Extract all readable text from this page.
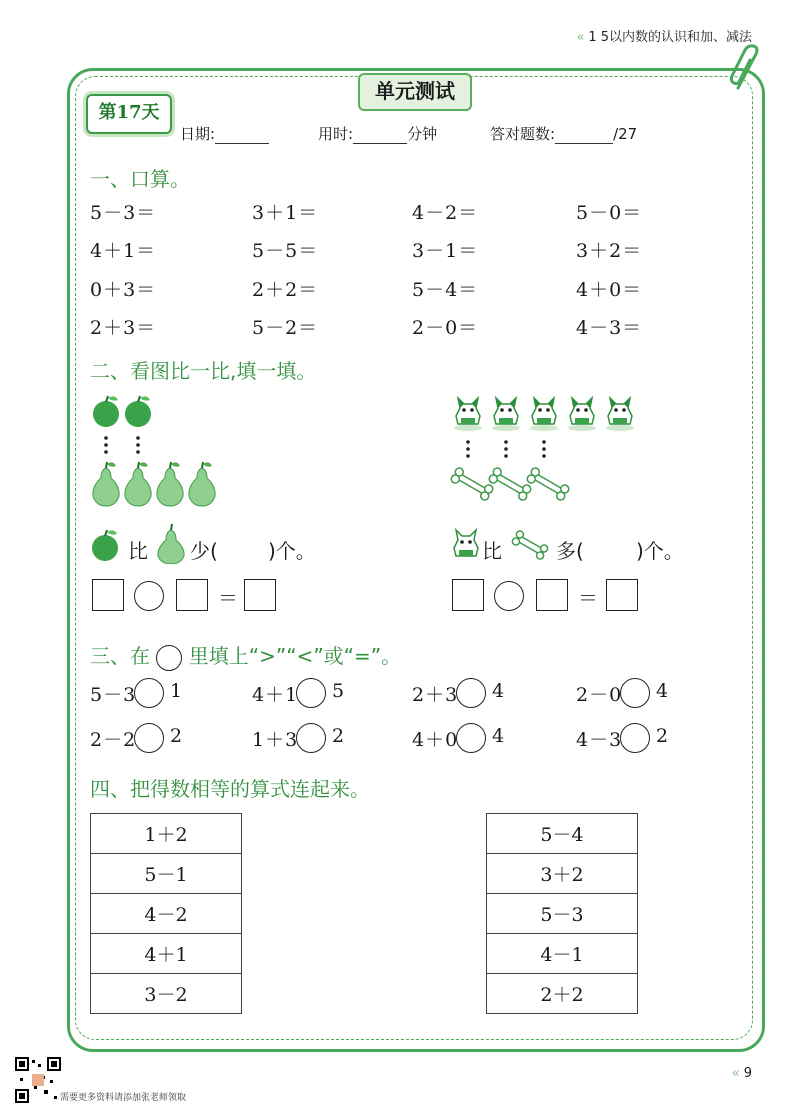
« 1 5以内数的认识和加、减法
单元测试
第17天
日期:	用时:	分钟	答对题数:	/27
一、口算。
5－3＝	3＋1＝	4－2＝	5－0＝
4＋1＝	5－5＝	3－1＝	3＋2＝
0＋3＝	2＋2＝	5－4＝	4＋0＝
2＋3＝	5－2＝	2－0＝	4－3＝
二、看图比一比,填一填。
比 少(	)个。	比	多(	)个。
＝	＝
三、在 里填上“>”“<”或“=”。
5－3 1	4＋1 5	2＋3 4	2－0 4
2－2 2	1＋3 2	4＋0 4	4－3 2
四、把得数相等的算式连起来。
1＋2
5－1
4－2
4＋1
3－2
5－4
3＋2
5－3
4－1
2＋2
« 9
需要更多资料请添加张老师领取
